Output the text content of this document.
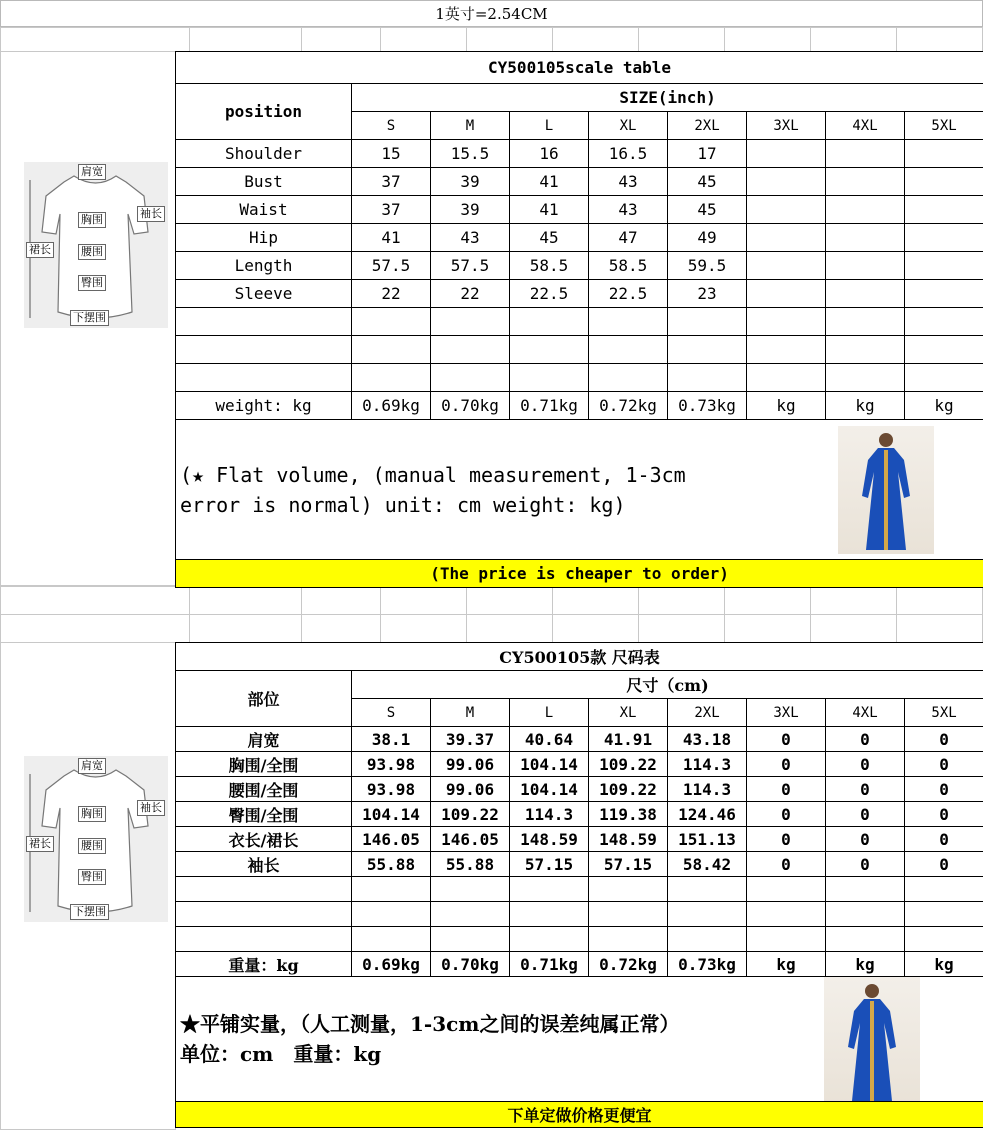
1英寸=2.54CM

肩宽
袖长
胸围
裙长	腰围
臀围
下摆围
肩宽
袖长
胸围
裙长	腰围
臀围
下摆围
CY500105scale table								
position	SIZE(inch)							
	S	M	L	XL	2XL	3XL	4XL	5XL
Shoulder	15	15.5	16	16.5	17			
Bust	37	39	41	43	45			
Waist	37	39	41	43	45			
Hip	41	43	45	47	49			
Length	57.5	57.5	58.5	58.5	59.5			
Sleeve	22	22	22.5	22.5	23			

weight: kg	0.69kg	0.70kg	0.71kg	0.72kg	0.73kg	kg	kg	kg

(★ Flat volume, (manual measurement, 1-3cm
error is normal) unit: cm weight: kg)								

(The price is cheaper to order)								
CY500105款 尺码表								
部位	尺寸（cm)							
	S	M	L	XL	2XL	3XL	4XL	5XL
肩宽	38.1	39.37	40.64	41.91	43.18	0	0	0
胸围/全围	93.98	99.06	104.14	109.22	114.3	0	0	0
腰围/全围	93.98	99.06	104.14	109.22	114.3	0	0	0
臀围/全围	104.14	109.22	114.3	119.38	124.46	0	0	0
衣长/裙长	146.05	146.05	148.59	148.59	151.13	0	0	0
袖长	55.88	55.88	57.15	57.15	58.42	0	0	0

重量：kg	0.69kg	0.70kg	0.71kg	0.72kg	0.73kg	kg	kg	kg

★平铺实量，（人工测量，1-3cm之间的误差纯属正常）
单位：cm　重量：kg								

下单定做价格更便宜								
